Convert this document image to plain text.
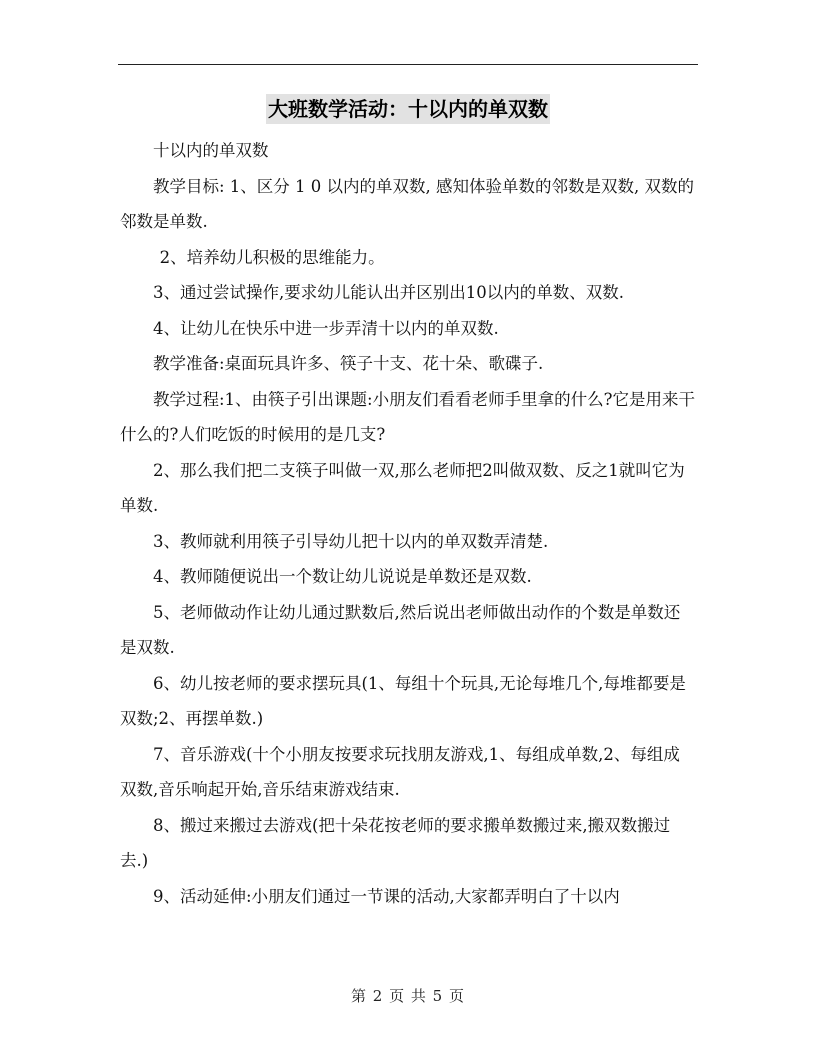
大班数学活动：十以内的单双数

十以内的单双数

教学目标: 1、区分 1 0 以内的单双数, 感知体验单数的邻数是双数, 双数的邻数是单数.

2、培养幼儿积极的思维能力。

3、通过尝试操作,要求幼儿能认出并区别出10以内的单数、双数.

4、让幼儿在快乐中进一步弄清十以内的单双数.

教学准备:桌面玩具许多、筷子十支、花十朵、歌碟子.

教学过程:1、由筷子引出课题:小朋友们看看老师手里拿的什么?它是用来干什么的?人们吃饭的时候用的是几支?

2、那么我们把二支筷子叫做一双,那么老师把2叫做双数、反之1就叫它为单数.

3、教师就利用筷子引导幼儿把十以内的单双数弄清楚.

4、教师随便说出一个数让幼儿说说是单数还是双数.

5、老师做动作让幼儿通过默数后,然后说出老师做出动作的个数是单数还是双数.

6、幼儿按老师的要求摆玩具(1、每组十个玩具,无论每堆几个,每堆都要是双数;2、再摆单数.)

7、音乐游戏(十个小朋友按要求玩找朋友游戏,1、每组成单数,2、每组成双数,音乐响起开始,音乐结束游戏结束.

8、搬过来搬过去游戏(把十朵花按老师的要求搬单数搬过来,搬双数搬过去.)

9、活动延伸:小朋友们通过一节课的活动,大家都弄明白了十以内

第 2 页 共 5 页
